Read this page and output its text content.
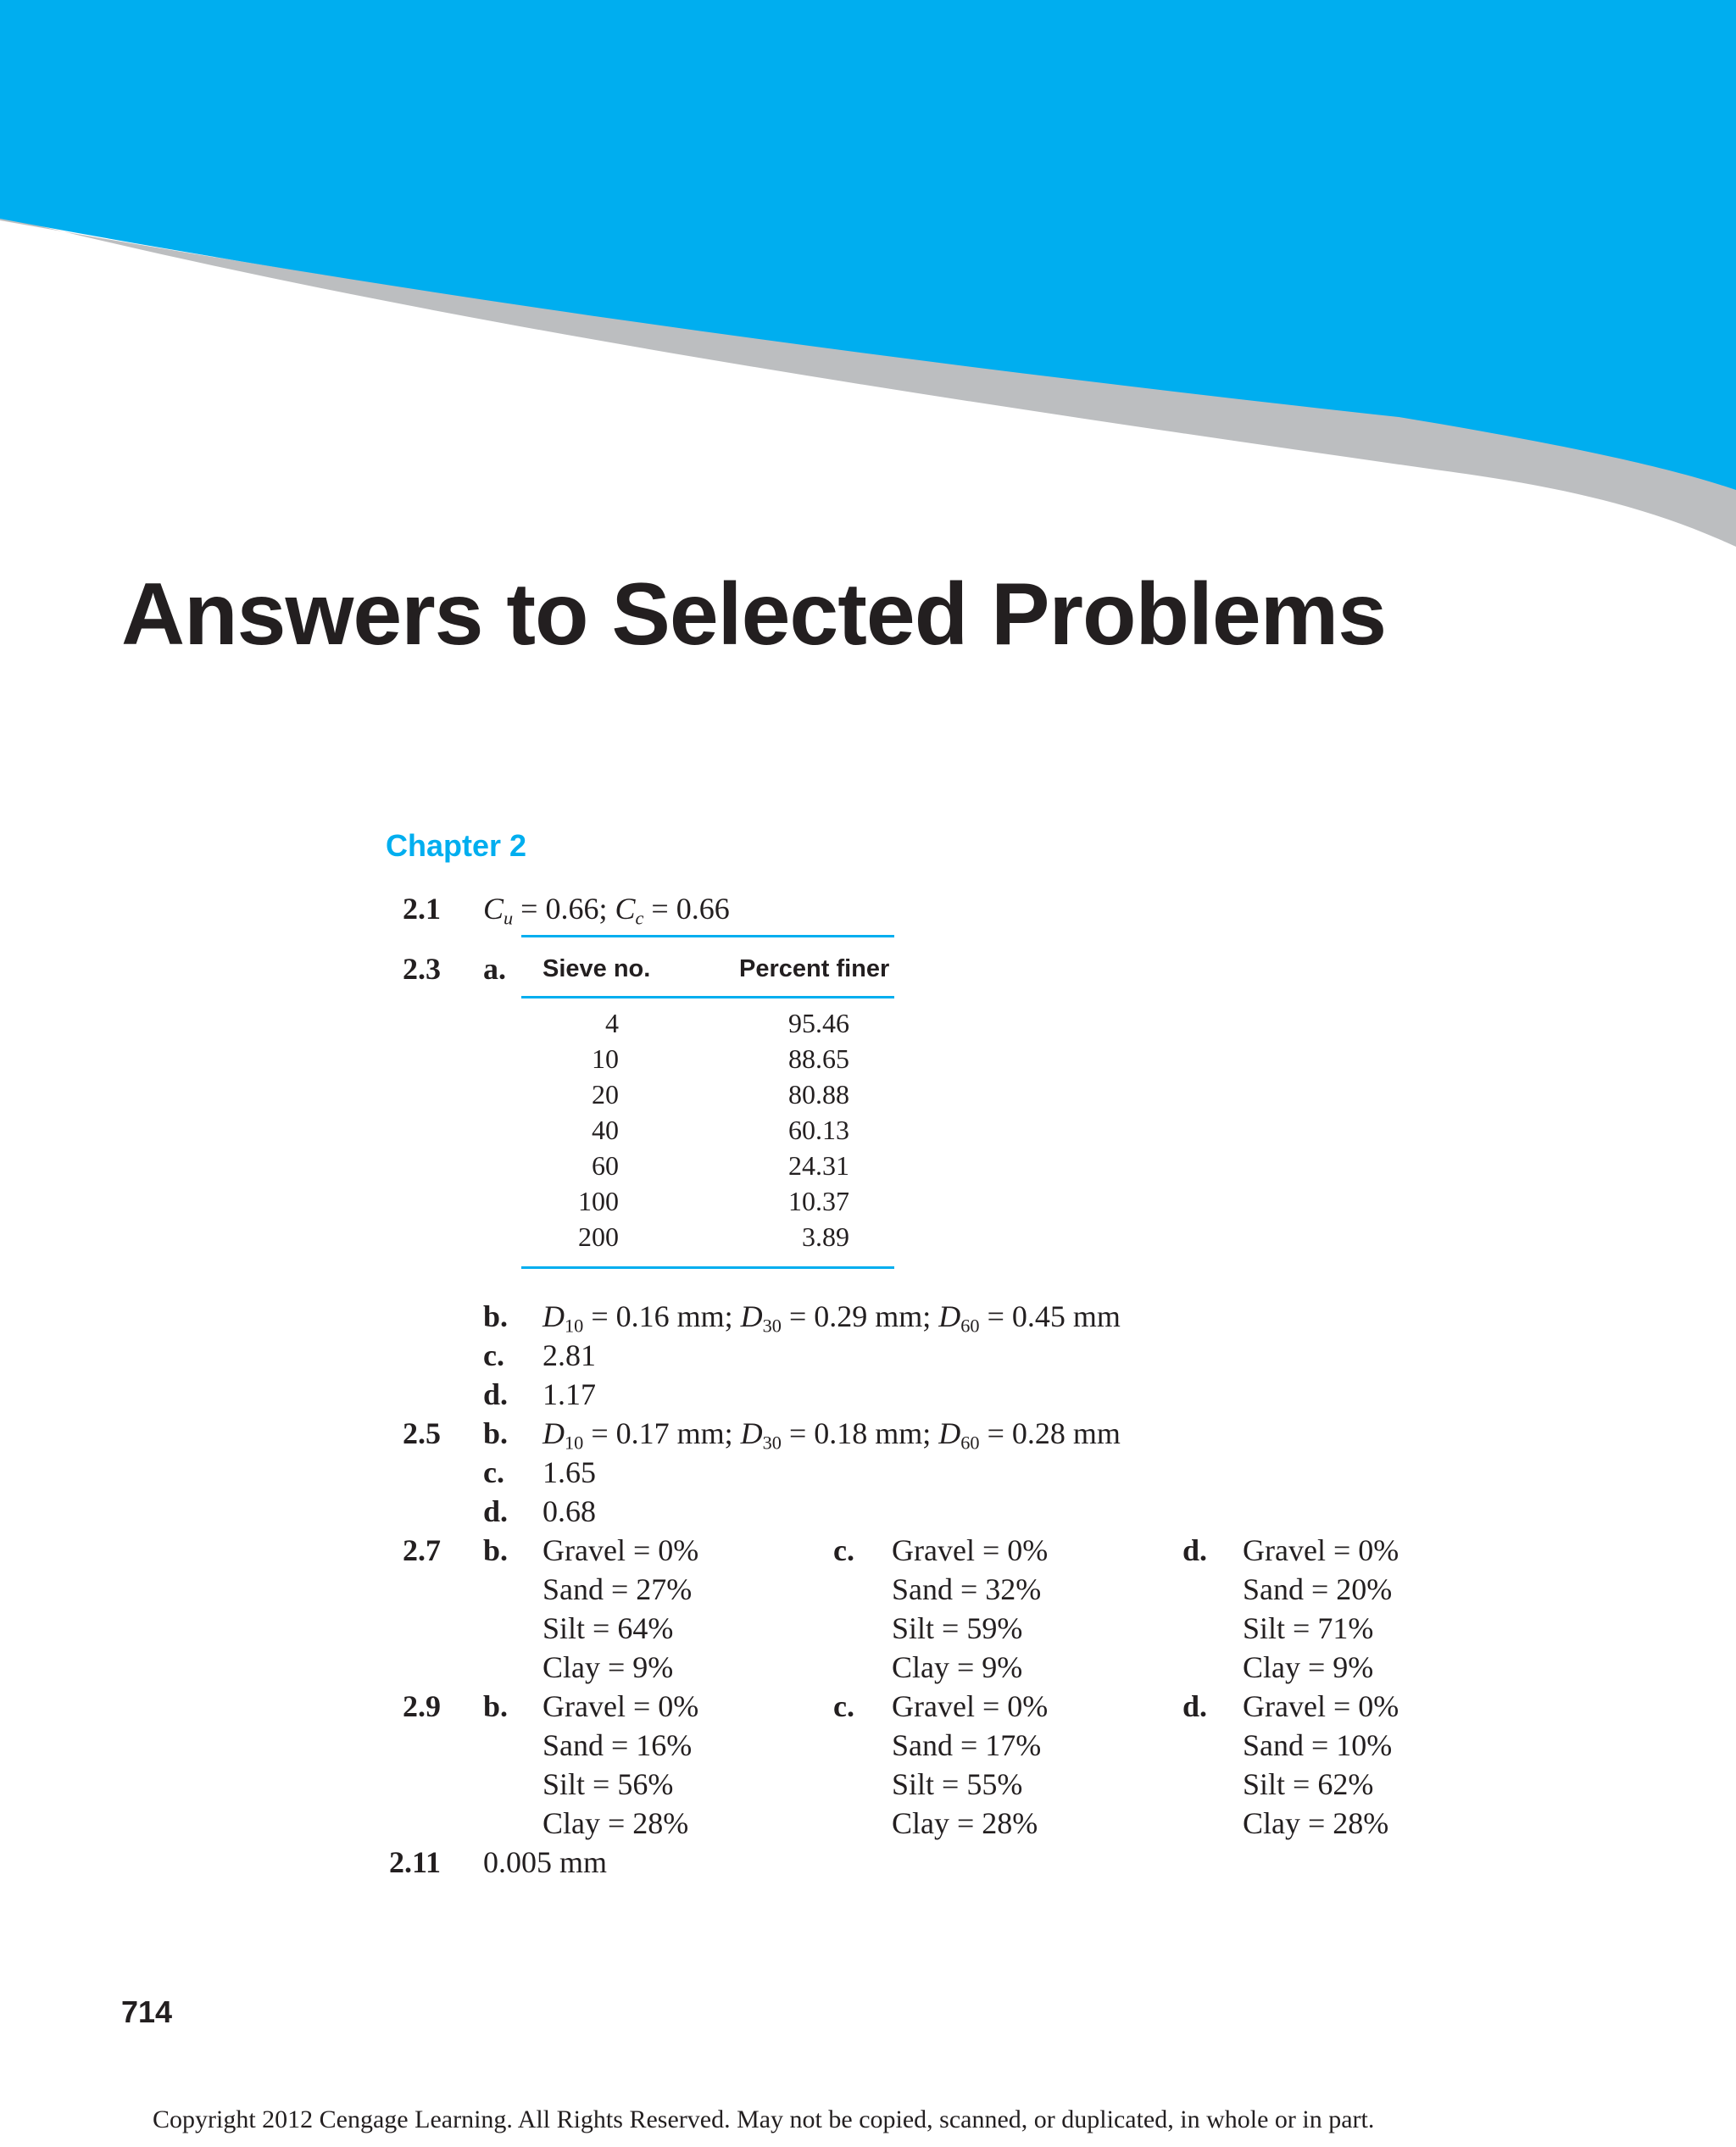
Answers to Selected Problems
Chapter 2
2.1 $C_u = 0.66$; $C_c = 0.66$
2.3 a. Sieve no.	Percent finer
4	95.46
10	88.65
20	80.88
40	60.13
60	24.31
100	10.37
200	3.89
b. $D_{10} = 0.16$ mm; $D_{30} = 0.29$ mm; $D_{60} = 0.45$ mm
c. 2.81
d. 1.17
2.5 b. $D_{10} = 0.17$ mm; $D_{30} = 0.18$ mm; $D_{60} = 0.28$ mm
c. 1.65
d. 0.68
2.7 b. Gravel = 0%
Sand = 27%
Silt = 64%
Clay = 9%
c. Gravel = 0%
Sand = 32%
Silt = 59%
Clay = 9%
d. Gravel = 0%
Sand = 20%
Silt = 71%
Clay = 9%
2.9 b. Gravel = 0%
Sand = 16%
Silt = 56%
Clay = 28%
c. Gravel = 0%
Sand = 17%
Silt = 55%
Clay = 28%
d. Gravel = 0%
Sand = 10%
Silt = 62%
Clay = 28%
2.11 0.005 mm
714
Copyright 2012 Cengage Learning. All Rights Reserved. May not be copied, scanned, or duplicated, in whole or in part.
